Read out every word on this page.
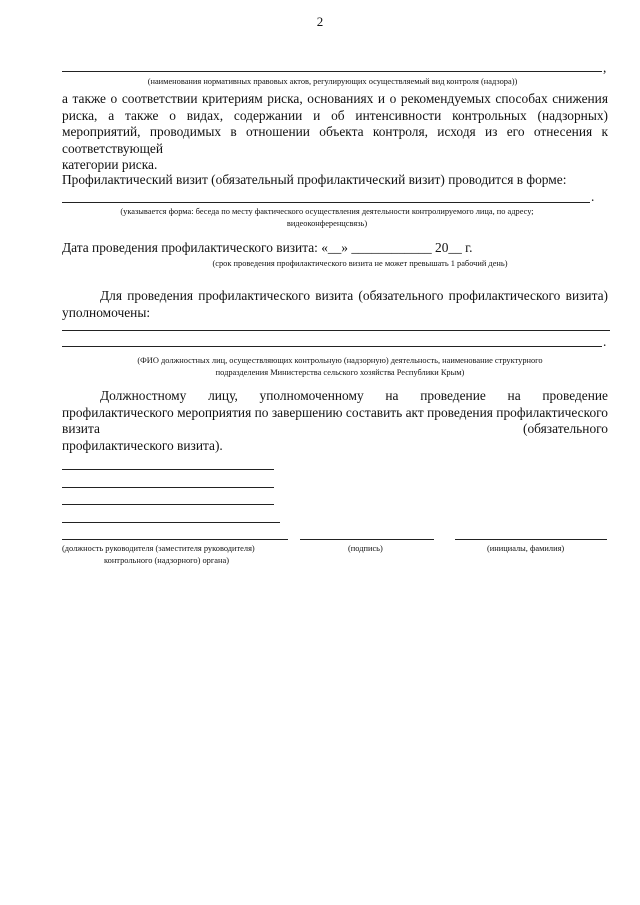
2
,
(наименования нормативных правовых актов, регулирующих осуществляемый вид контроля (надзора))
а также о соответствии критериям риска, основаниях и о рекомендуемых способах снижения риска, а также о видах, содержании и об интенсивности контрольных (надзорных) мероприятий, проводимых в отношении объекта контроля, исходя из его отнесения к соответствующей
категории риска.
Профилактический визит (обязательный профилактический визит) проводится в форме:
.
(указывается форма: беседа по месту фактического осуществления деятельности контролируемого лица, по адресу;
видеоконференцсвязь)
Дата проведения профилактического визита: «__» ____________ 20__ г.
(срок проведения профилактического визита не может превышать 1 рабочий день)
Для проведения профилактического визита (обязательного профилактического визита)
уполномочены:
.
(ФИО должностных лиц, осуществляющих контрольную (надзорную) деятельность, наименование структурного
подразделения Министерства сельского хозяйства Республики Крым)
Должностному лицу, уполномоченному на проведение на проведение профилактического мероприятия по завершению составить акт проведения профилактического визита (обязательного
профилактического визита).
(должность руководителя (заместителя руководителя)
контрольного (надзорного) органа)
(подпись)	(инициалы, фамилия)
